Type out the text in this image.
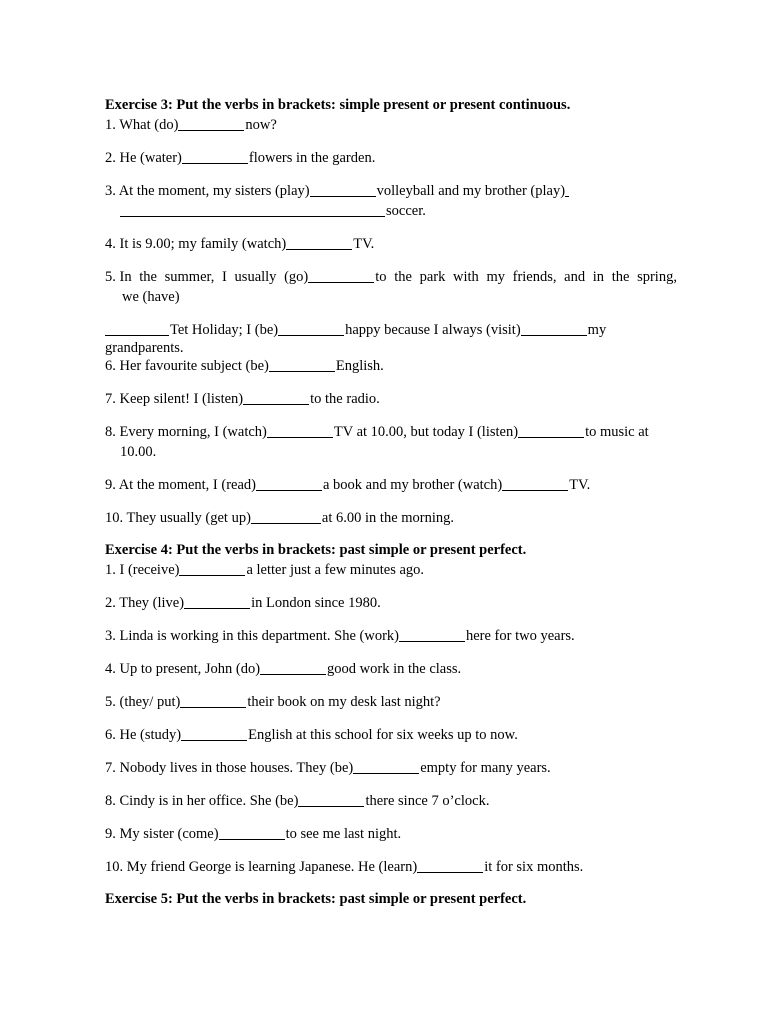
Exercise 3: Put the verbs in brackets: simple present or present continuous.

1. What (do)	now?

2. He (water)	flowers in the garden.

3. At the moment, my sisters (play)	volleyball and my brother (play)

soccer.

4. It is 9.00; my family (watch)	TV.

5. In the summer, I usually (go)	to the park with my friends, and in the spring,

we (have)

Tet Holiday; I (be)	happy because I always (visit)	my

grandparents.

6. Her favourite subject (be)	English.

7. Keep silent! I (listen)	to the radio.

8. Every morning, I (watch)	TV at 10.00, but today I (listen)	to music at

10.00.

9. At the moment, I (read)	a book and my brother (watch)	TV.

10. They usually (get up)	at 6.00 in the morning.

Exercise 4: Put the verbs in brackets: past simple or present perfect.

1. I (receive)	a letter just a few minutes ago.

2. They (live)	in London since 1980.

3. Linda is working in this department. She (work)	here for two years.

4. Up to present, John (do)	good work in the class.

5. (they/ put)	their book on my desk last night?

6. He (study)	English at this school for six weeks up to now.

7. Nobody lives in those houses. They (be)	empty for many years.

8. Cindy is in her office. She (be)	there since 7 o’clock.

9. My sister (come)	to see me last night.

10. My friend George is learning Japanese. He (learn)	it for six months.

Exercise 5: Put the verbs in brackets: past simple or present perfect.
